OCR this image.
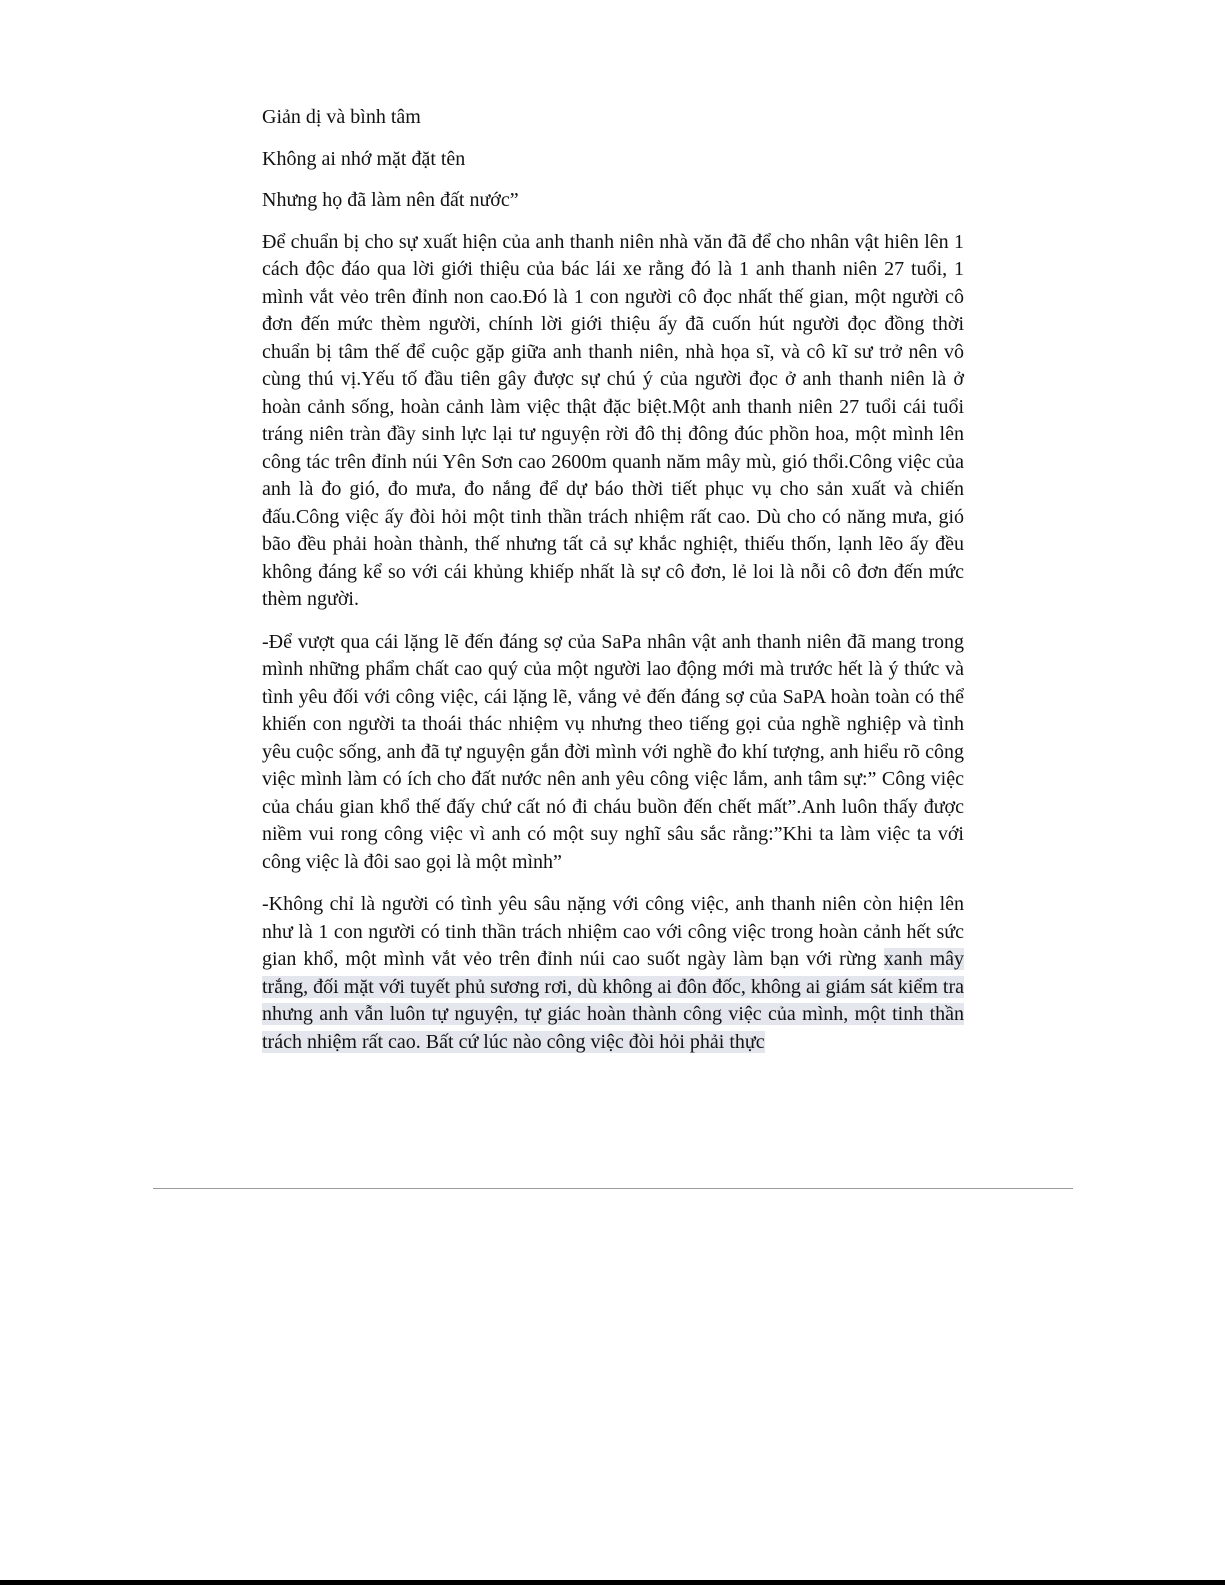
Giản dị và bình tâm

Không ai nhớ mặt đặt tên

Nhưng họ đã làm nên đất nước”

Để chuẩn bị cho sự xuất hiện của anh thanh niên nhà văn đã để cho nhân vật hiên lên 1 cách độc đáo qua lời giới thiệu của bác lái xe rằng đó là 1 anh thanh niên 27 tuổi, 1 mình vắt vẻo trên đỉnh non cao.Đó là 1 con người cô đọc nhất thế gian, một người cô đơn đến mức thèm người, chính lời giới thiệu ấy đã cuốn hút người đọc đồng thời chuẩn bị tâm thế để cuộc gặp giữa anh thanh niên, nhà họa sĩ, và cô kĩ sư trở nên vô cùng thú vị.Yếu tố đầu tiên gây được sự chú ý của người đọc ở anh thanh niên là ở hoàn cảnh sống, hoàn cảnh làm việc thật đặc biệt.Một anh thanh niên 27 tuổi cái tuổi tráng niên tràn đầy sinh lực lại tư nguyện rời đô thị đông đúc phồn hoa, một mình lên công tác trên đỉnh núi Yên Sơn cao 2600m quanh năm mây mù, gió thổi.Công việc của anh là đo gió, đo mưa, đo nắng để dự báo thời tiết phục vụ cho sản xuất và chiến đấu.Công việc ấy đòi hỏi một tinh thần trách nhiệm rất cao. Dù cho có năng mưa, gió bão đều phải hoàn thành, thế nhưng tất cả sự khắc nghiệt, thiếu thốn, lạnh lẽo ấy đều không đáng kể so với cái khủng khiếp nhất là sự cô đơn, lẻ loi là nỗi cô đơn đến mức thèm người.

-Để vượt qua cái lặng lẽ đến đáng sợ của SaPa nhân vật anh thanh niên đã mang trong mình những phẩm chất cao quý của một người lao động mới mà trước hết là ý thức và tình yêu đối với công việc, cái lặng lẽ, vắng vẻ đến đáng sợ của SaPA hoàn toàn có thể khiến con người ta thoái thác nhiệm vụ nhưng theo tiếng gọi của nghề nghiệp và tình yêu cuộc sống, anh đã tự nguyện gắn đời mình với nghề đo khí tượng, anh hiểu rõ công việc mình làm có ích cho đất nước nên anh yêu công việc lắm, anh tâm sự:” Công việc của cháu gian khổ thế đấy chứ cất nó đi cháu buồn đến chết mất”.Anh luôn thấy được niềm vui rong công việc vì anh có một suy nghĩ sâu sắc rằng:”Khi ta làm việc ta với công việc là đôi sao gọi là một mình”

-Không chỉ là người có tình yêu sâu nặng với công việc, anh thanh niên còn hiện lên như là 1 con người có tinh thần trách nhiệm cao với công việc trong hoàn cảnh hết sức gian khổ, một mình vắt vẻo trên đỉnh núi cao suốt ngày làm bạn với rừng xanh mây trắng, đối mặt với tuyết phủ sương rơi, dù không ai đôn đốc, không ai giám sát kiểm tra nhưng anh vẫn luôn tự nguyện, tự giác hoàn thành công việc của mình, một tinh thần trách nhiệm rất cao. Bất cứ lúc nào công việc đòi hỏi phải thực
